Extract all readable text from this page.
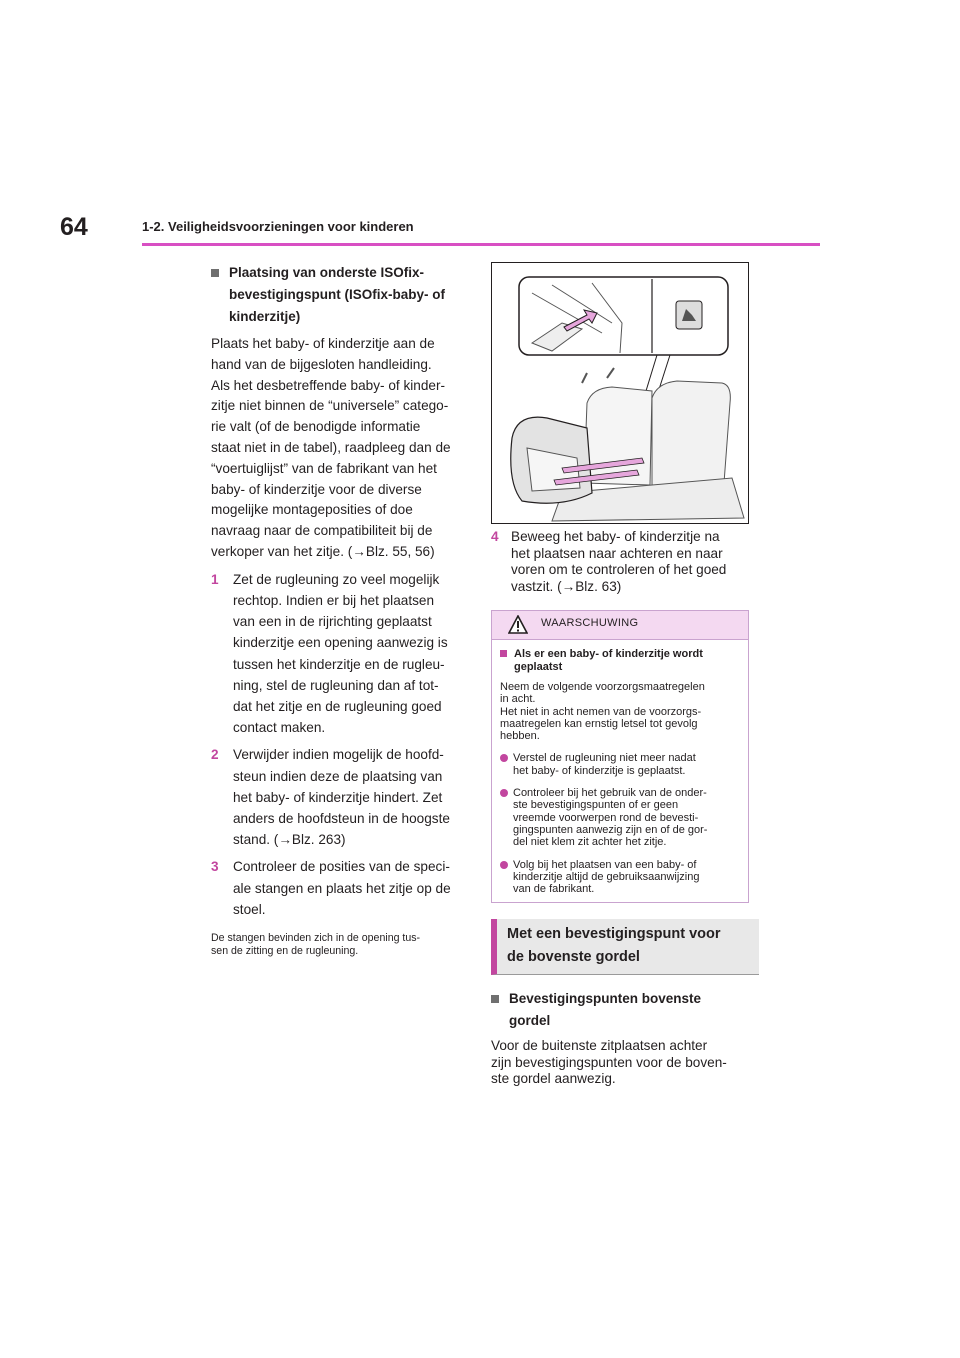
64	1-2. Veiligheidsvoorzieningen voor kinderen
Plaatsing van onderste ISOfix-
bevestigingspunt (ISOfix-baby- of
kinderzitje)
Plaats het baby- of kinderzitje aan de
hand van de bijgesloten handleiding.
Als het desbetreffende baby- of kinder-
zitje niet binnen de “universele” catego-
rie valt (of de benodigde informatie
staat niet in de tabel), raadpleeg dan de
“voertuiglijst” van de fabrikant van het
baby- of kinderzitje voor de diverse
mogelijke montageposities of doe
navraag naar de compatibiliteit bij de
verkoper van het zitje. (→Blz. 55, 56)
1 Zet de rugleuning zo veel mogelijk
rechtop. Indien er bij het plaatsen
van een in de rijrichting geplaatst
kinderzitje een opening aanwezig is
tussen het kinderzitje en de rugleu-
ning, stel de rugleuning dan af tot-
dat het zitje en de rugleuning goed
contact maken.
2 Verwijder indien mogelijk de hoofd-
steun indien deze de plaatsing van
het baby- of kinderzitje hindert. Zet
anders de hoofdsteun in de hoogste
stand. (→Blz. 263)
3 Controleer de posities van de speci-
ale stangen en plaats het zitje op de
stoel.
De stangen bevinden zich in de opening tus-
sen de zitting en de rugleuning.
4 Beweeg het baby- of kinderzitje na
het plaatsen naar achteren en naar
voren om te controleren of het goed
vastzit. (→Blz. 63)
WAARSCHUWING
Als er een baby- of kinderzitje wordt
geplaatst
Neem de volgende voorzorgsmaatregelen
in acht.
Het niet in acht nemen van de voorzorgs-
maatregelen kan ernstig letsel tot gevolg
hebben.
Verstel de rugleuning niet meer nadat
het baby- of kinderzitje is geplaatst.
Controleer bij het gebruik van de onder-
ste bevestigingspunten of er geen
vreemde voorwerpen rond de bevesti-
gingspunten aanwezig zijn en of de gor-
del niet klem zit achter het zitje.
Volg bij het plaatsen van een baby- of
kinderzitje altijd de gebruiksaanwijzing
van de fabrikant.
Met een bevestigingspunt voor
de bovenste gordel
Bevestigingspunten bovenste
gordel
Voor de buitenste zitplaatsen achter
zijn bevestigingspunten voor de boven-
ste gordel aanwezig.
